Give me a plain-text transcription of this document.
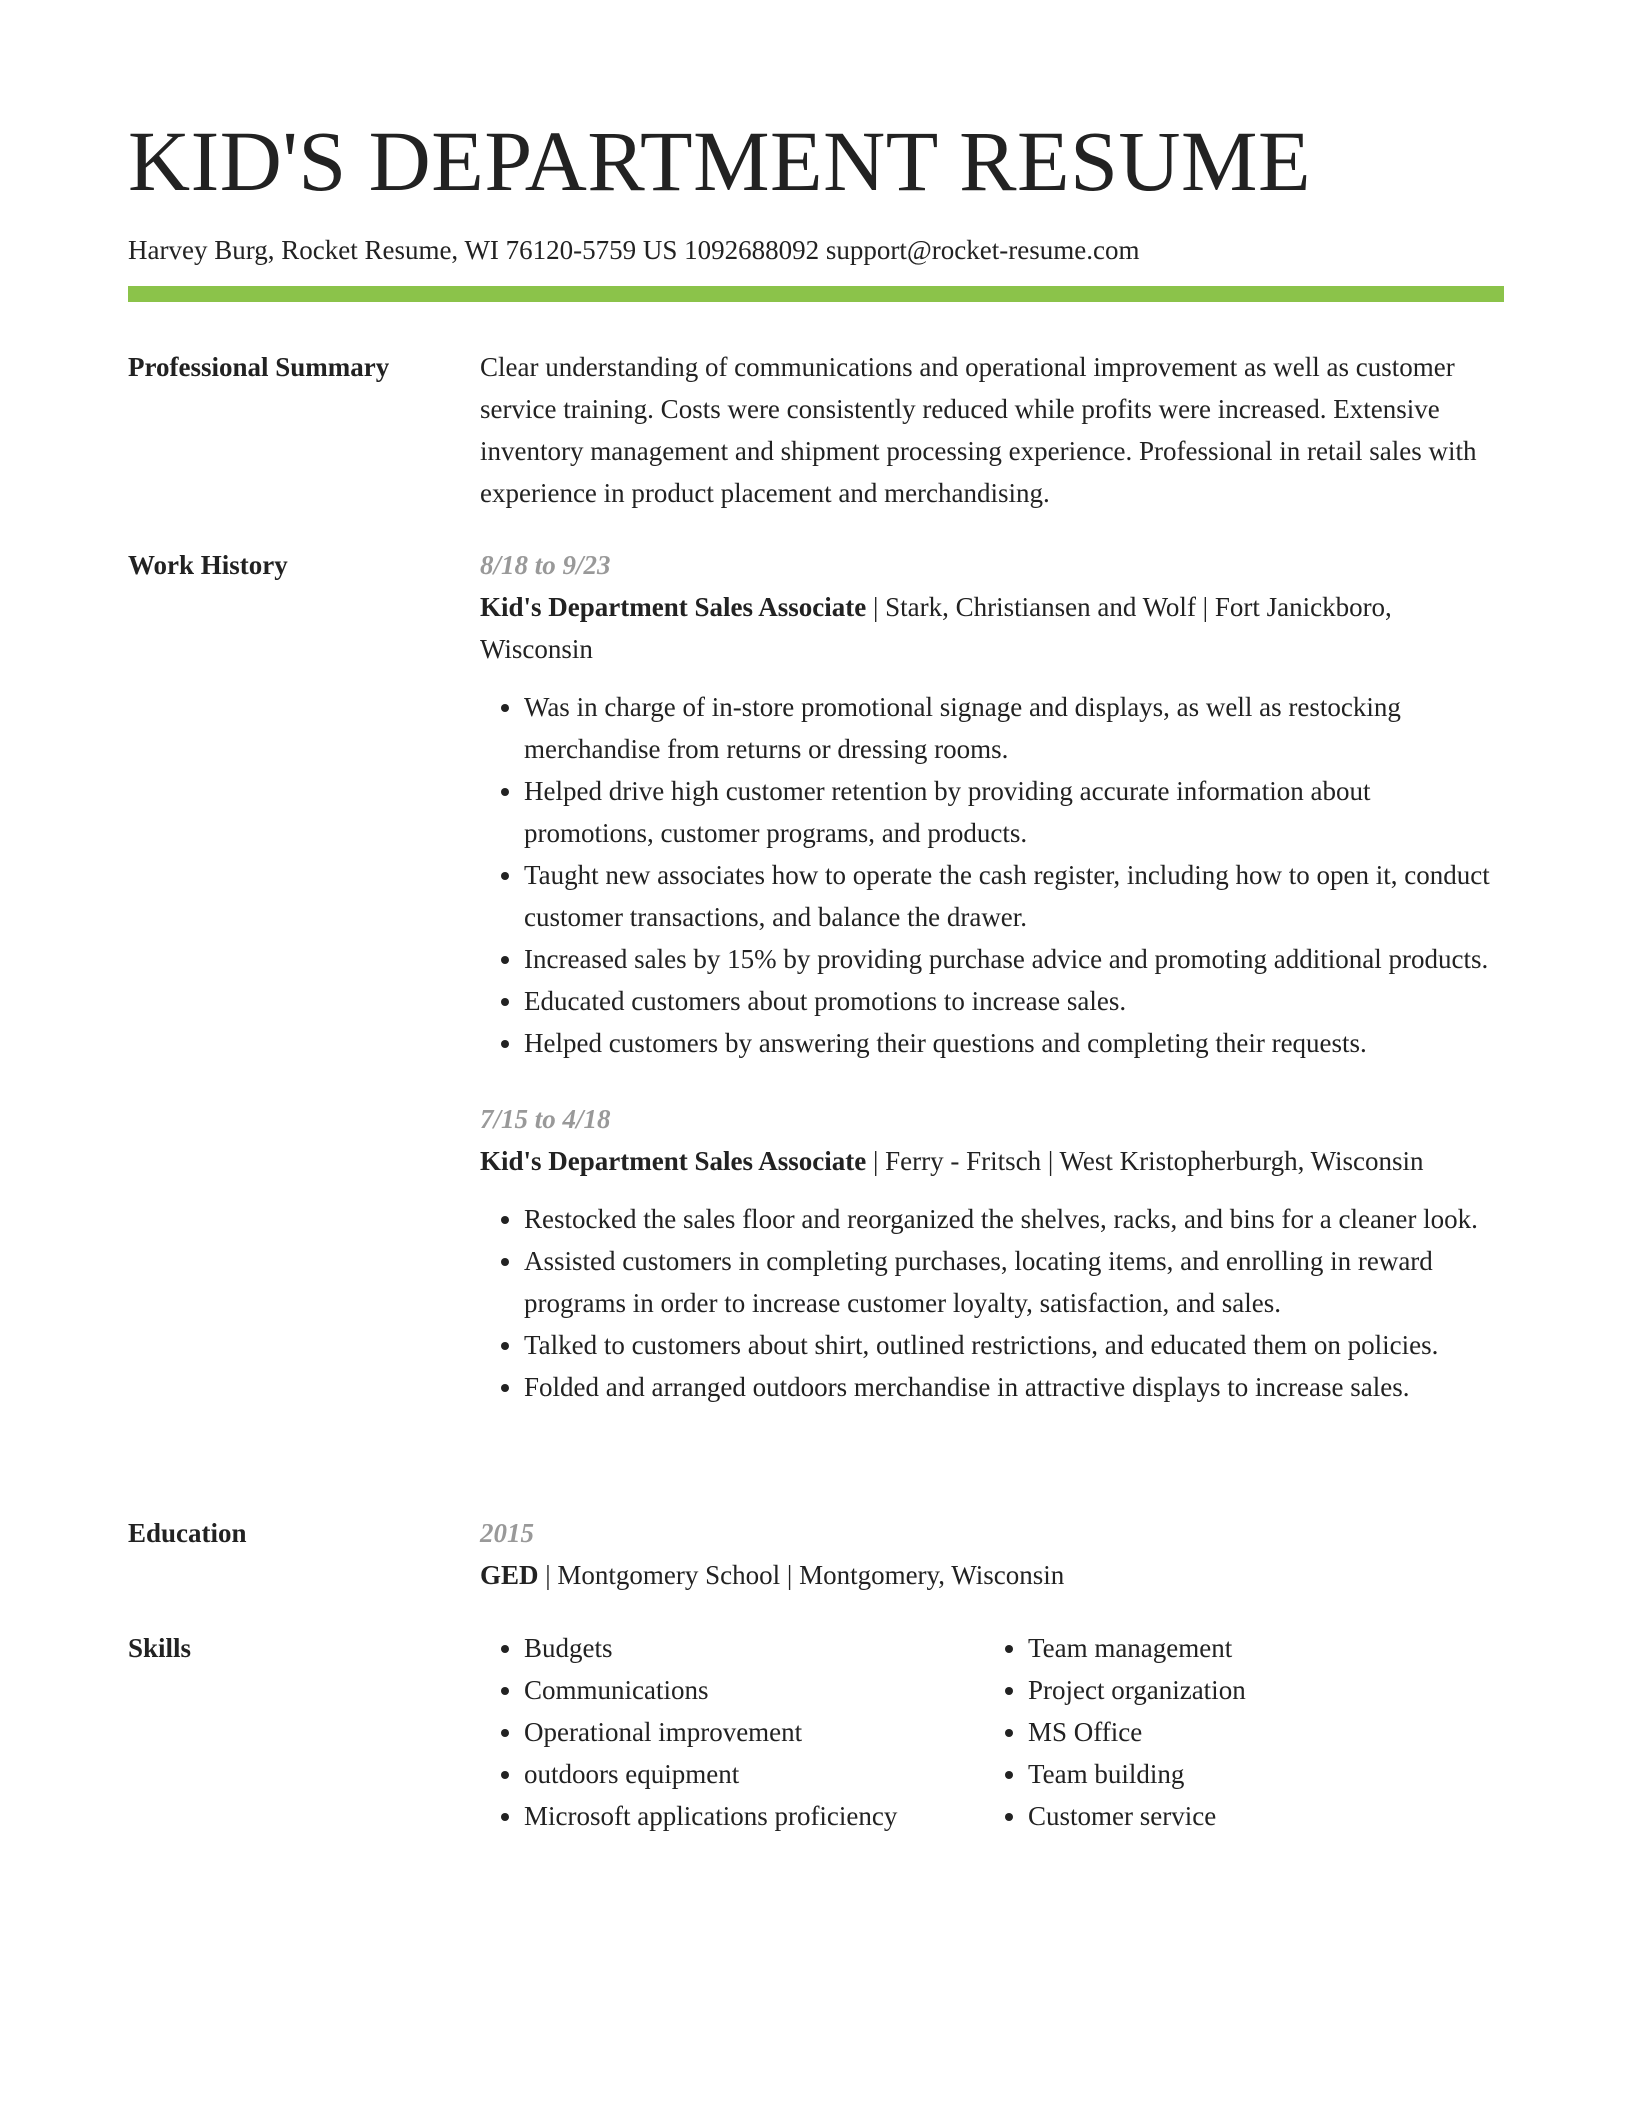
KID'S DEPARTMENT RESUME
Harvey Burg, Rocket Resume, WI 76120-5759 US 1092688092 support@rocket-resume.com
Professional Summary	Clear understanding of communications and operational improvement as well as customer service training. Costs were consistently reduced while profits were increased. Extensive inventory management and shipment processing experience. Professional in retail sales with experience in product placement and merchandising.
Work History	8/18 to 9/23
Kid's Department Sales Associate | Stark, Christiansen and Wolf | Fort Janickboro, Wisconsin
• Was in charge of in-store promotional signage and displays, as well as restocking merchandise from returns or dressing rooms.
• Helped drive high customer retention by providing accurate information about promotions, customer programs, and products.
• Taught new associates how to operate the cash register, including how to open it, conduct customer transactions, and balance the drawer.
• Increased sales by 15% by providing purchase advice and promoting additional products.
• Educated customers about promotions to increase sales.
• Helped customers by answering their questions and completing their requests.
7/15 to 4/18
Kid's Department Sales Associate | Ferry - Fritsch | West Kristopherburgh, Wisconsin
• Restocked the sales floor and reorganized the shelves, racks, and bins for a cleaner look.
• Assisted customers in completing purchases, locating items, and enrolling in reward programs in order to increase customer loyalty, satisfaction, and sales.
• Talked to customers about shirt, outlined restrictions, and educated them on policies.
• Folded and arranged outdoors merchandise in attractive displays to increase sales.
Education	2015
GED | Montgomery School | Montgomery, Wisconsin
Skills
•	Budgets
• Communications
• Operational improvement
• outdoors equipment
• Microsoft applications proficiency
• Team management
• Project organization
• MS Office
• Team building
• Customer service
